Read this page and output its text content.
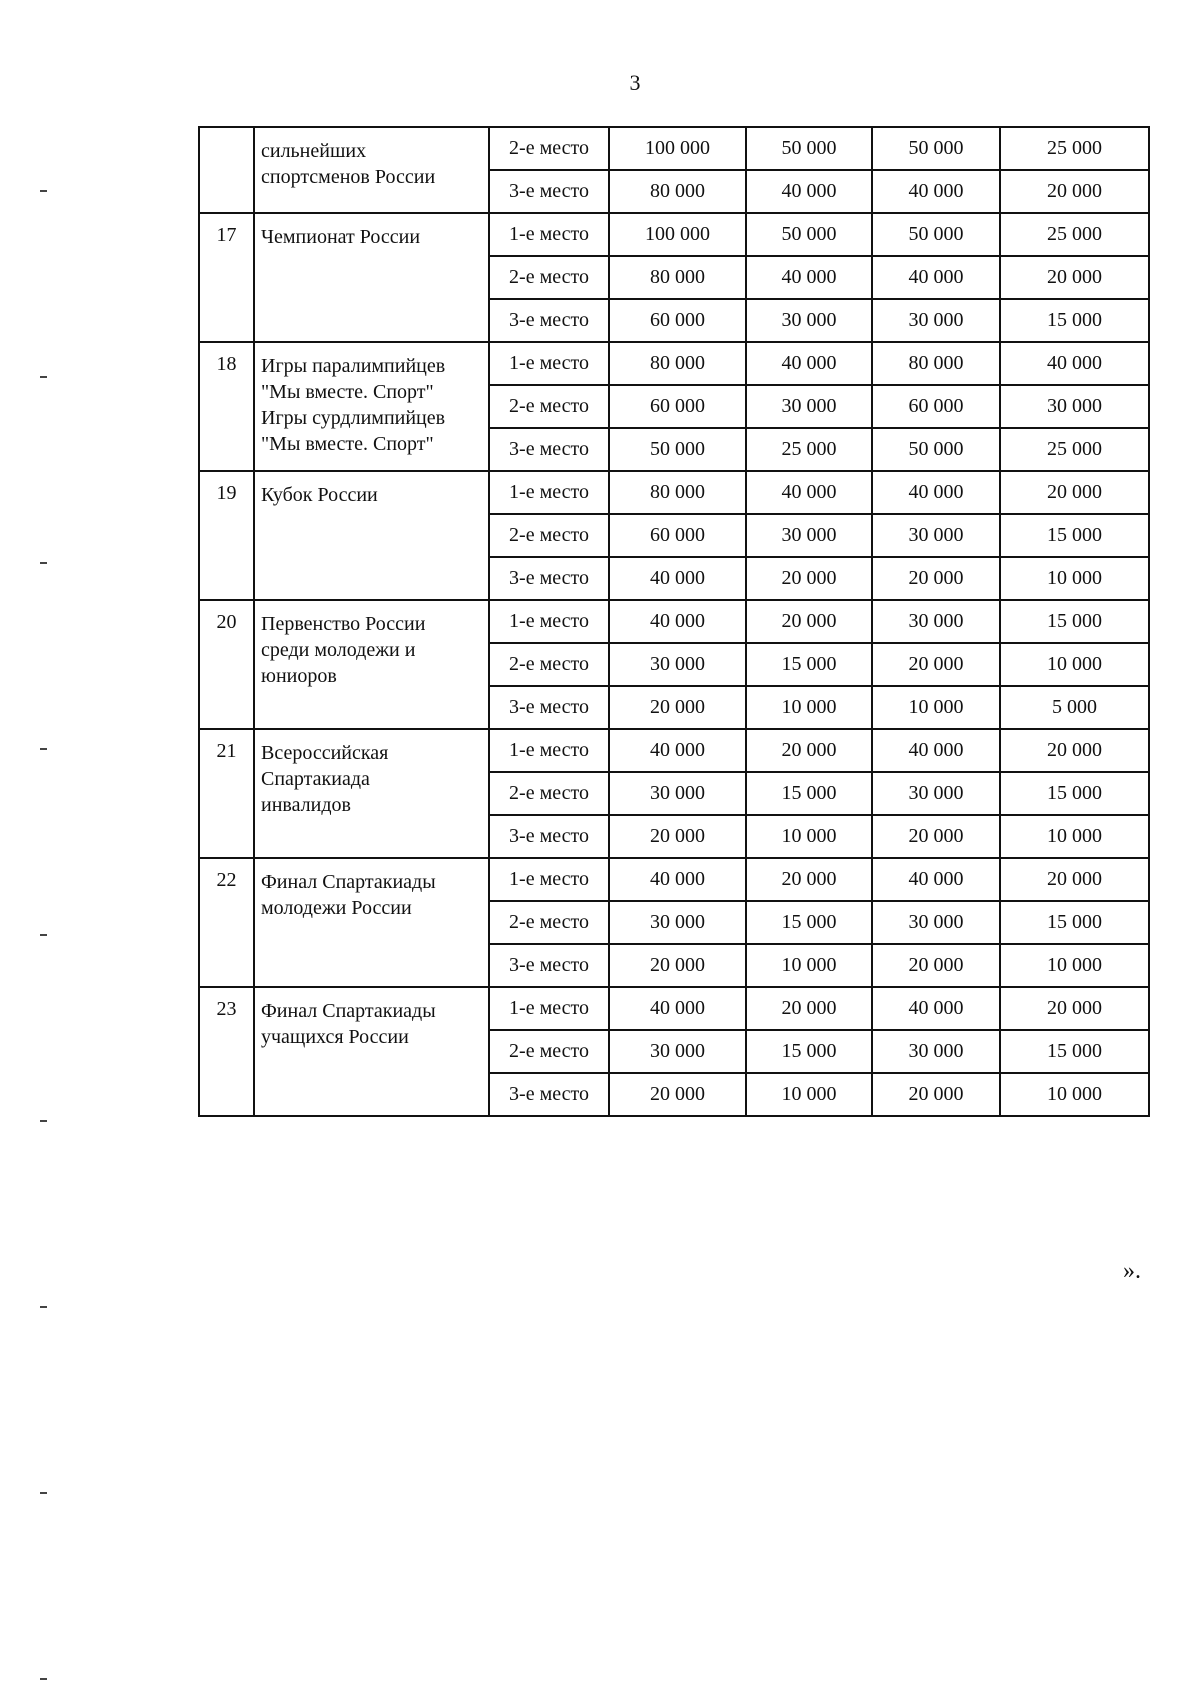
3
	сильнейших
спортсменов России	2-е место	100 000	50 000	50 000	25 000
		3-е место	80 000	40 000	40 000	20 000
17	Чемпионат России	1-е место	100 000	50 000	50 000	25 000
		2-е место	80 000	40 000	40 000	20 000
		3-е место	60 000	30 000	30 000	15 000
18	Игры паралимпийцев
"Мы вместе. Спорт"
Игры сурдлимпийцев
"Мы вместе. Спорт"	1-е место	80 000	40 000	80 000	40 000
		2-е место	60 000	30 000	60 000	30 000
		3-е место	50 000	25 000	50 000	25 000
19	Кубок России	1-е место	80 000	40 000	40 000	20 000
		2-е место	60 000	30 000	30 000	15 000
		3-е место	40 000	20 000	20 000	10 000
20	Первенство России
среди молодежи и
юниоров	1-е место	40 000	20 000	30 000	15 000
		2-е место	30 000	15 000	20 000	10 000
		3-е место	20 000	10 000	10 000	5 000
21	Всероссийская
Спартакиада
инвалидов	1-е место	40 000	20 000	40 000	20 000
		2-е место	30 000	15 000	30 000	15 000
		3-е место	20 000	10 000	20 000	10 000
22	Финал Спартакиады
молодежи России	1-е место	40 000	20 000	40 000	20 000
		2-е место	30 000	15 000	30 000	15 000
		3-е место	20 000	10 000	20 000	10 000
23	Финал Спартакиады
учащихся России	1-е место	40 000	20 000	40 000	20 000
		2-е место	30 000	15 000	30 000	15 000
		3-е место	20 000	10 000	20 000	10 000
».
